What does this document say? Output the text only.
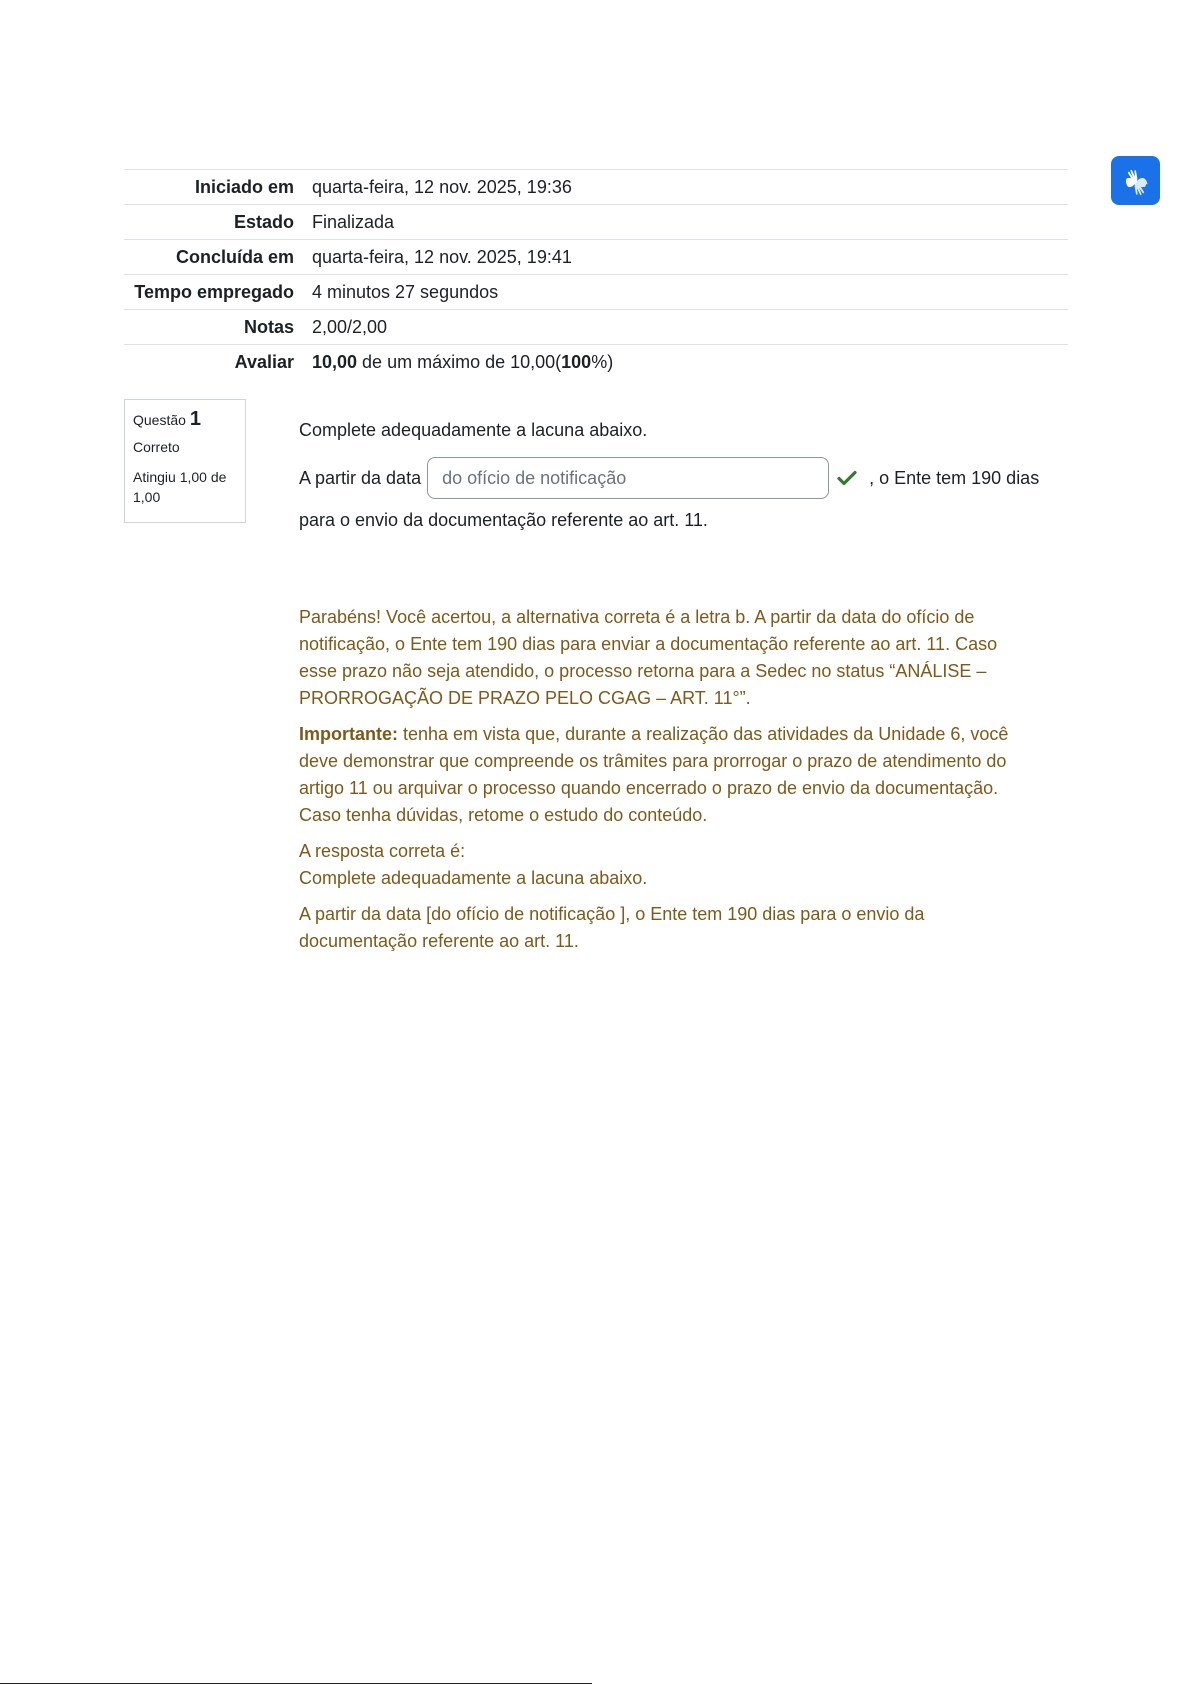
Iniciado em	quarta-feira, 12 nov. 2025, 19:36
Estado	Finalizada
Concluída em	quarta-feira, 12 nov. 2025, 19:41
Tempo empregado	4 minutos 27 segundos
Notas	2,00/2,00
Avaliar	10,00 de um máximo de 10,00(100%)
Questão 1
Correto
Atingiu 1,00 de 1,00

Complete adequadamente a lacuna abaixo.

A partir da data
do ofício de notificação	, o Ente tem 190 dias
para o envio da documentação referente ao art. 11.

Parabéns! Você acertou, a alternativa correta é a letra b. A partir da data do ofício de notificação, o Ente tem 190 dias para enviar a documentação referente ao art. 11. Caso esse prazo não seja atendido, o processo retorna para a Sedec no status “ANÁLISE – PRORROGAÇÃO DE PRAZO PELO CGAG – ART. 11°”.

Importante: tenha em vista que, durante a realização das atividades da Unidade 6, você deve demonstrar que compreende os trâmites para prorrogar o prazo de atendimento do artigo 11 ou arquivar o processo quando encerrado o prazo de envio da documentação. Caso tenha dúvidas, retome o estudo do conteúdo.

A resposta correta é:
Complete adequadamente a lacuna abaixo.

A partir da data [do ofício de notificação ], o Ente tem 190 dias para o envio da documentação referente ao art. 11.
